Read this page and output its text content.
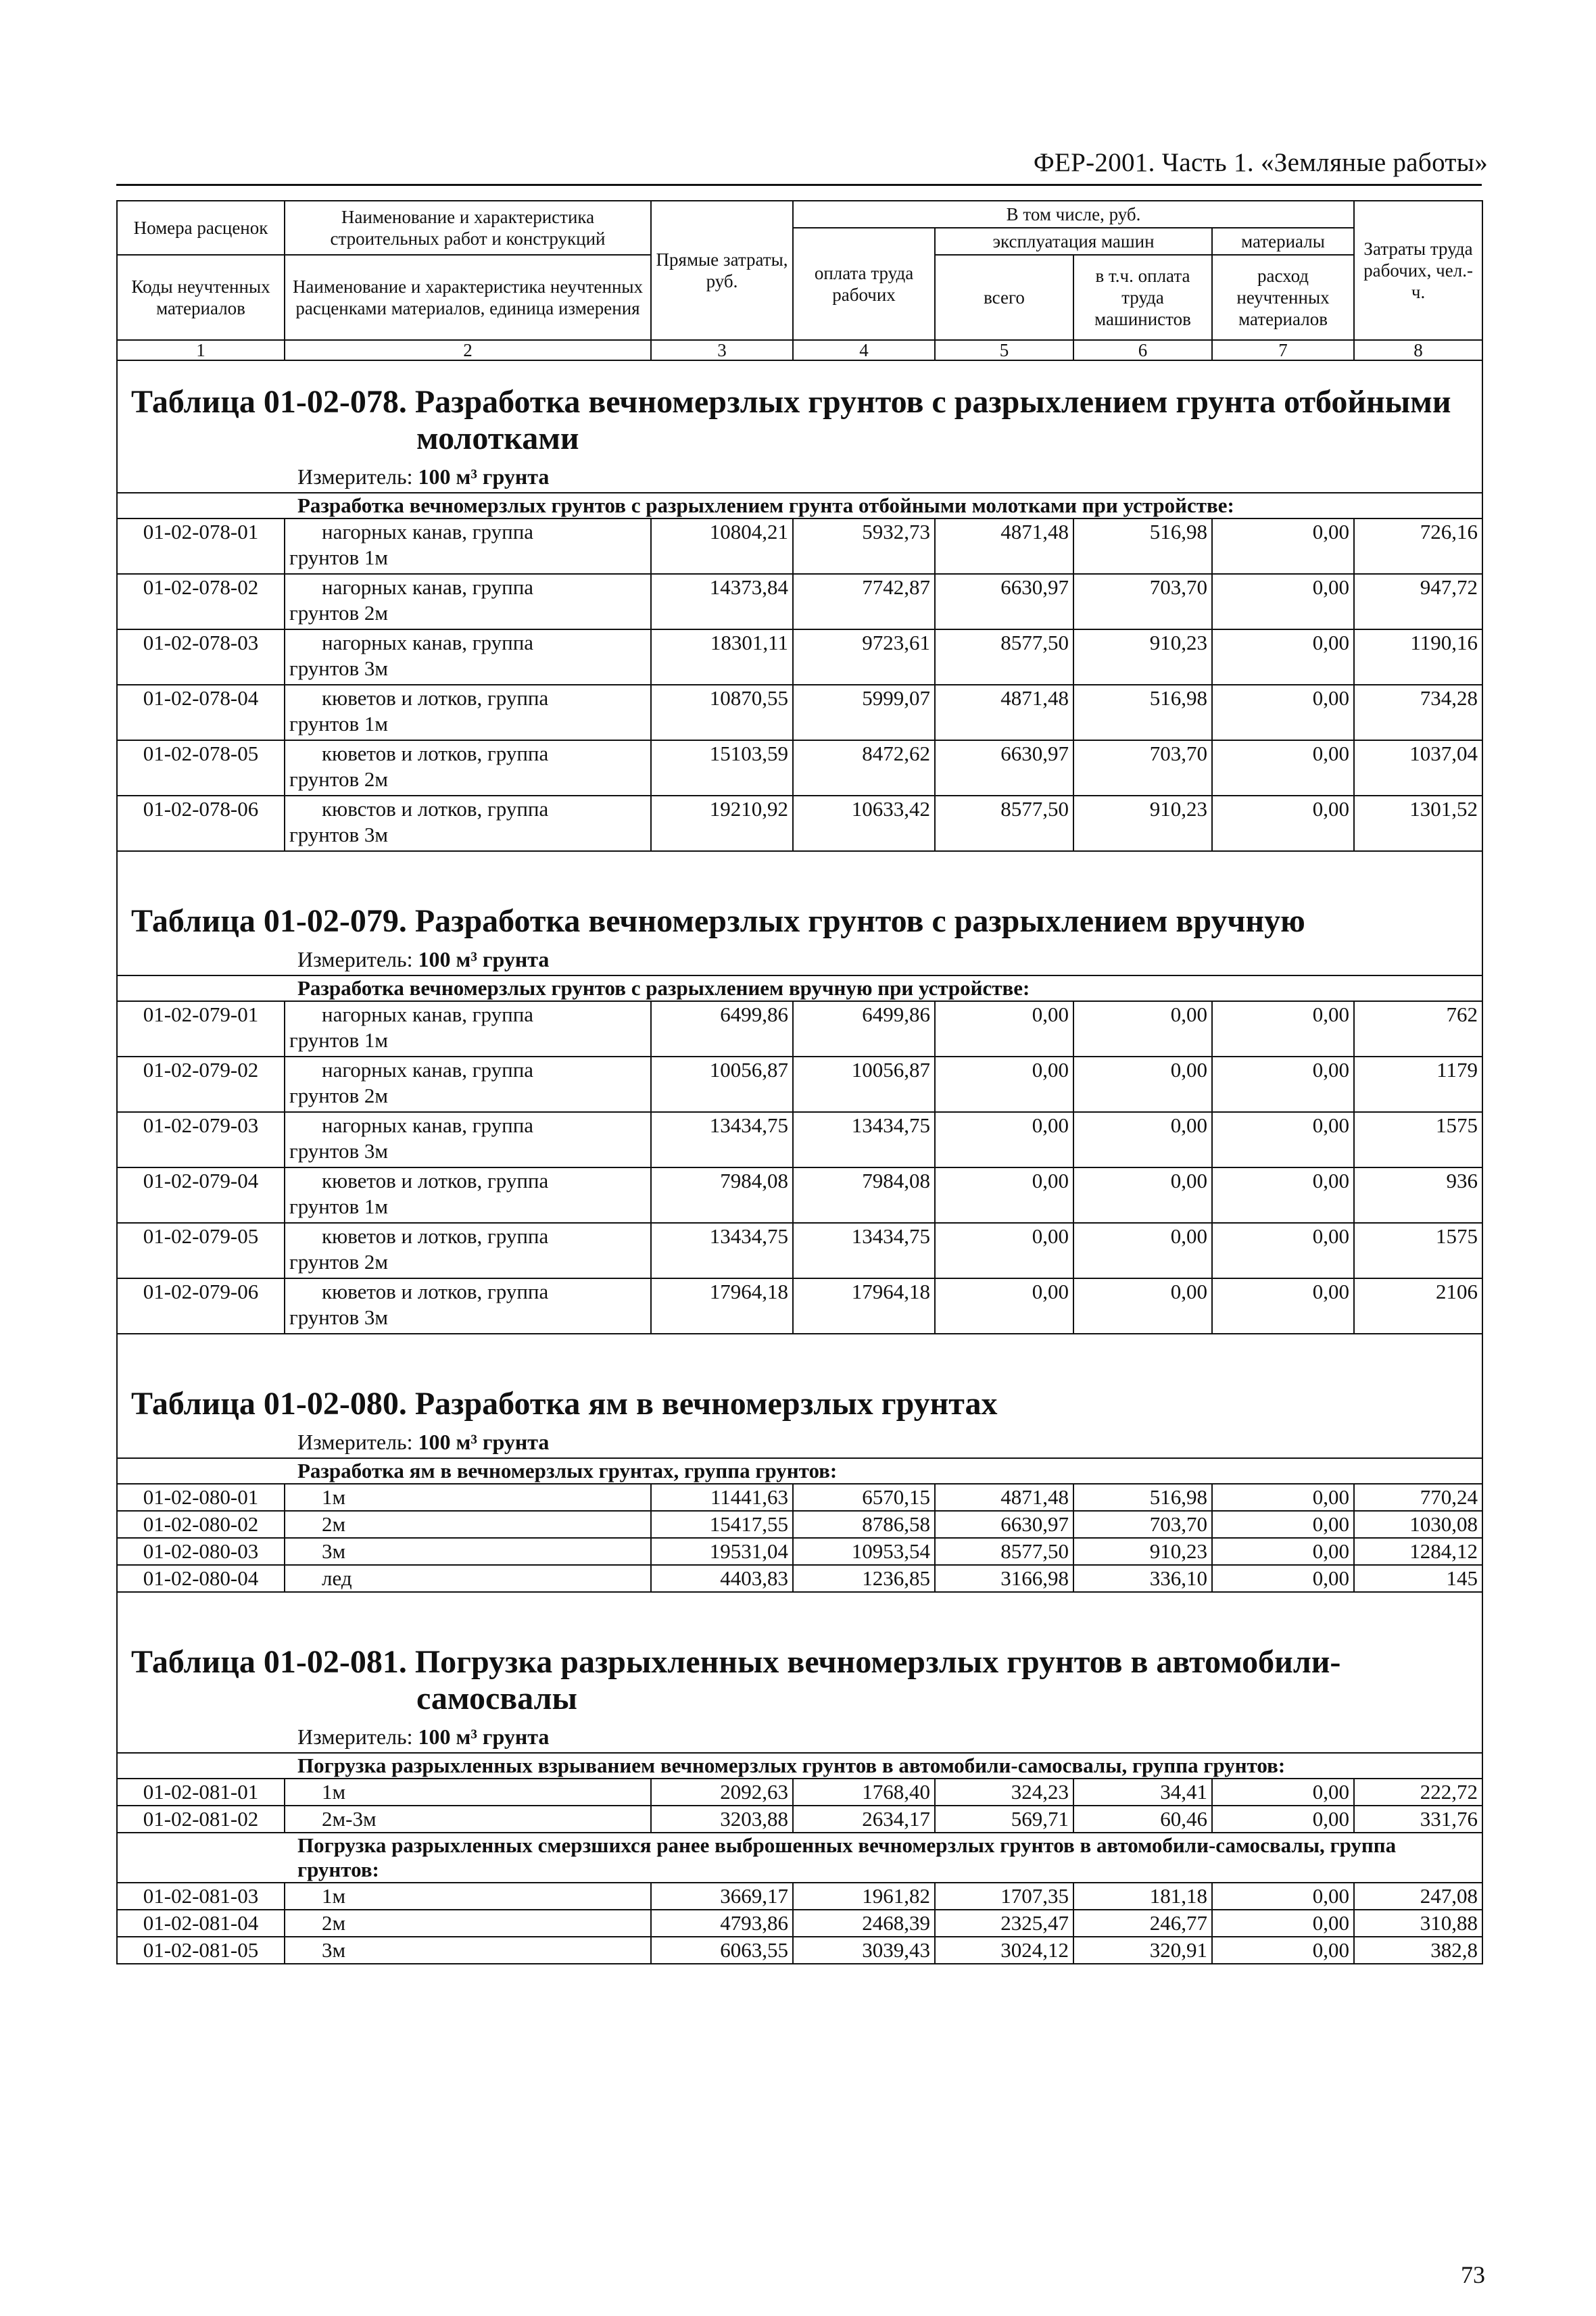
ФЕР-2001. Часть 1. «Земляные работы»
Номера расценок	Наименование и характеристика строительных работ и конструкций	Прямые затраты, руб.	В том числе, руб.				Затраты труда рабочих, чел.-ч.
			оплата труда рабочих	эксплуатация машин		материалы	
Коды неучтенных материалов	Наименование и характеристика неучтенных расценками материалов, единица измерения			всего	в т.ч. оплата труда машинистов	расход неучтенных материалов	

1	2	3	4	5	6	7	8
Таблица 01-02-078. Разработка вечномерзлых грунтов с разрыхлением грунта отбойными
молотками							

Измеритель: 100 м³ грунта							
Разработка вечномерзлых грунтов с разрыхлением грунта отбойными молотками при устройстве:							
01-02-078-01	нагорных канав, группа
грунтов 1м	10804,21	5932,73	4871,48	516,98	0,00	726,16
01-02-078-02	нагорных канав, группа
грунтов 2м	14373,84	7742,87	6630,97	703,70	0,00	947,72
01-02-078-03	нагорных канав, группа
грунтов 3м	18301,11	9723,61	8577,50	910,23	0,00	1190,16
01-02-078-04	кюветов и лотков, группа
грунтов 1м	10870,55	5999,07	4871,48	516,98	0,00	734,28
01-02-078-05	кюветов и лотков, группа
грунтов 2м	15103,59	8472,62	6630,97	703,70	0,00	1037,04
01-02-078-06	кювстов и лотков, группа
грунтов 3м	19210,92	10633,42	8577,50	910,23	0,00	1301,52

Таблица 01-02-079. Разработка вечномерзлых грунтов с разрыхлением вручную							
Измеритель: 100 м³ грунта							
Разработка вечномерзлых грунтов с разрыхлением вручную при устройстве:							
01-02-079-01	нагорных канав, группа
грунтов 1м	6499,86	6499,86	0,00	0,00	0,00	762
01-02-079-02	нагорных канав, группа
грунтов 2м	10056,87	10056,87	0,00	0,00	0,00	1179
01-02-079-03	нагорных канав, группа
грунтов 3м	13434,75	13434,75	0,00	0,00	0,00	1575
01-02-079-04	кюветов и лотков, группа
грунтов 1м	7984,08	7984,08	0,00	0,00	0,00	936
01-02-079-05	кюветов и лотков, группа
грунтов 2м	13434,75	13434,75	0,00	0,00	0,00	1575
01-02-079-06	кюветов и лотков, группа
грунтов 3м	17964,18	17964,18	0,00	0,00	0,00	2106

Таблица 01-02-080. Разработка ям в вечномерзлых грунтах							
Измеритель: 100 м³ грунта							
Разработка ям в вечномерзлых грунтах, группа грунтов:							
01-02-080-01	1м	11441,63	6570,15	4871,48	516,98	0,00	770,24
01-02-080-02	2м	15417,55	8786,58	6630,97	703,70	0,00	1030,08
01-02-080-03	3м	19531,04	10953,54	8577,50	910,23	0,00	1284,12
01-02-080-04	лед	4403,83	1236,85	3166,98	336,10	0,00	145

Таблица 01-02-081. Погрузка разрыхленных вечномерзлых грунтов в автомобили-
самосвалы							

Измеритель: 100 м³ грунта							
Погрузка разрыхленных взрыванием вечномерзлых грунтов в автомобили-самосвалы, группа грунтов:							
01-02-081-01	1м	2092,63	1768,40	324,23	34,41	0,00	222,72
01-02-081-02	2м-3м	3203,88	2634,17	569,71	60,46	0,00	331,76
Погрузка разрыхленных смерзшихся ранее выброшенных вечномерзлых грунтов в автомобили-самосвалы, группа грунтов:							
01-02-081-03	1м	3669,17	1961,82	1707,35	181,18	0,00	247,08
01-02-081-04	2м	4793,86	2468,39	2325,47	246,77	0,00	310,88
01-02-081-05	3м	6063,55	3039,43	3024,12	320,91	0,00	382,8
73
